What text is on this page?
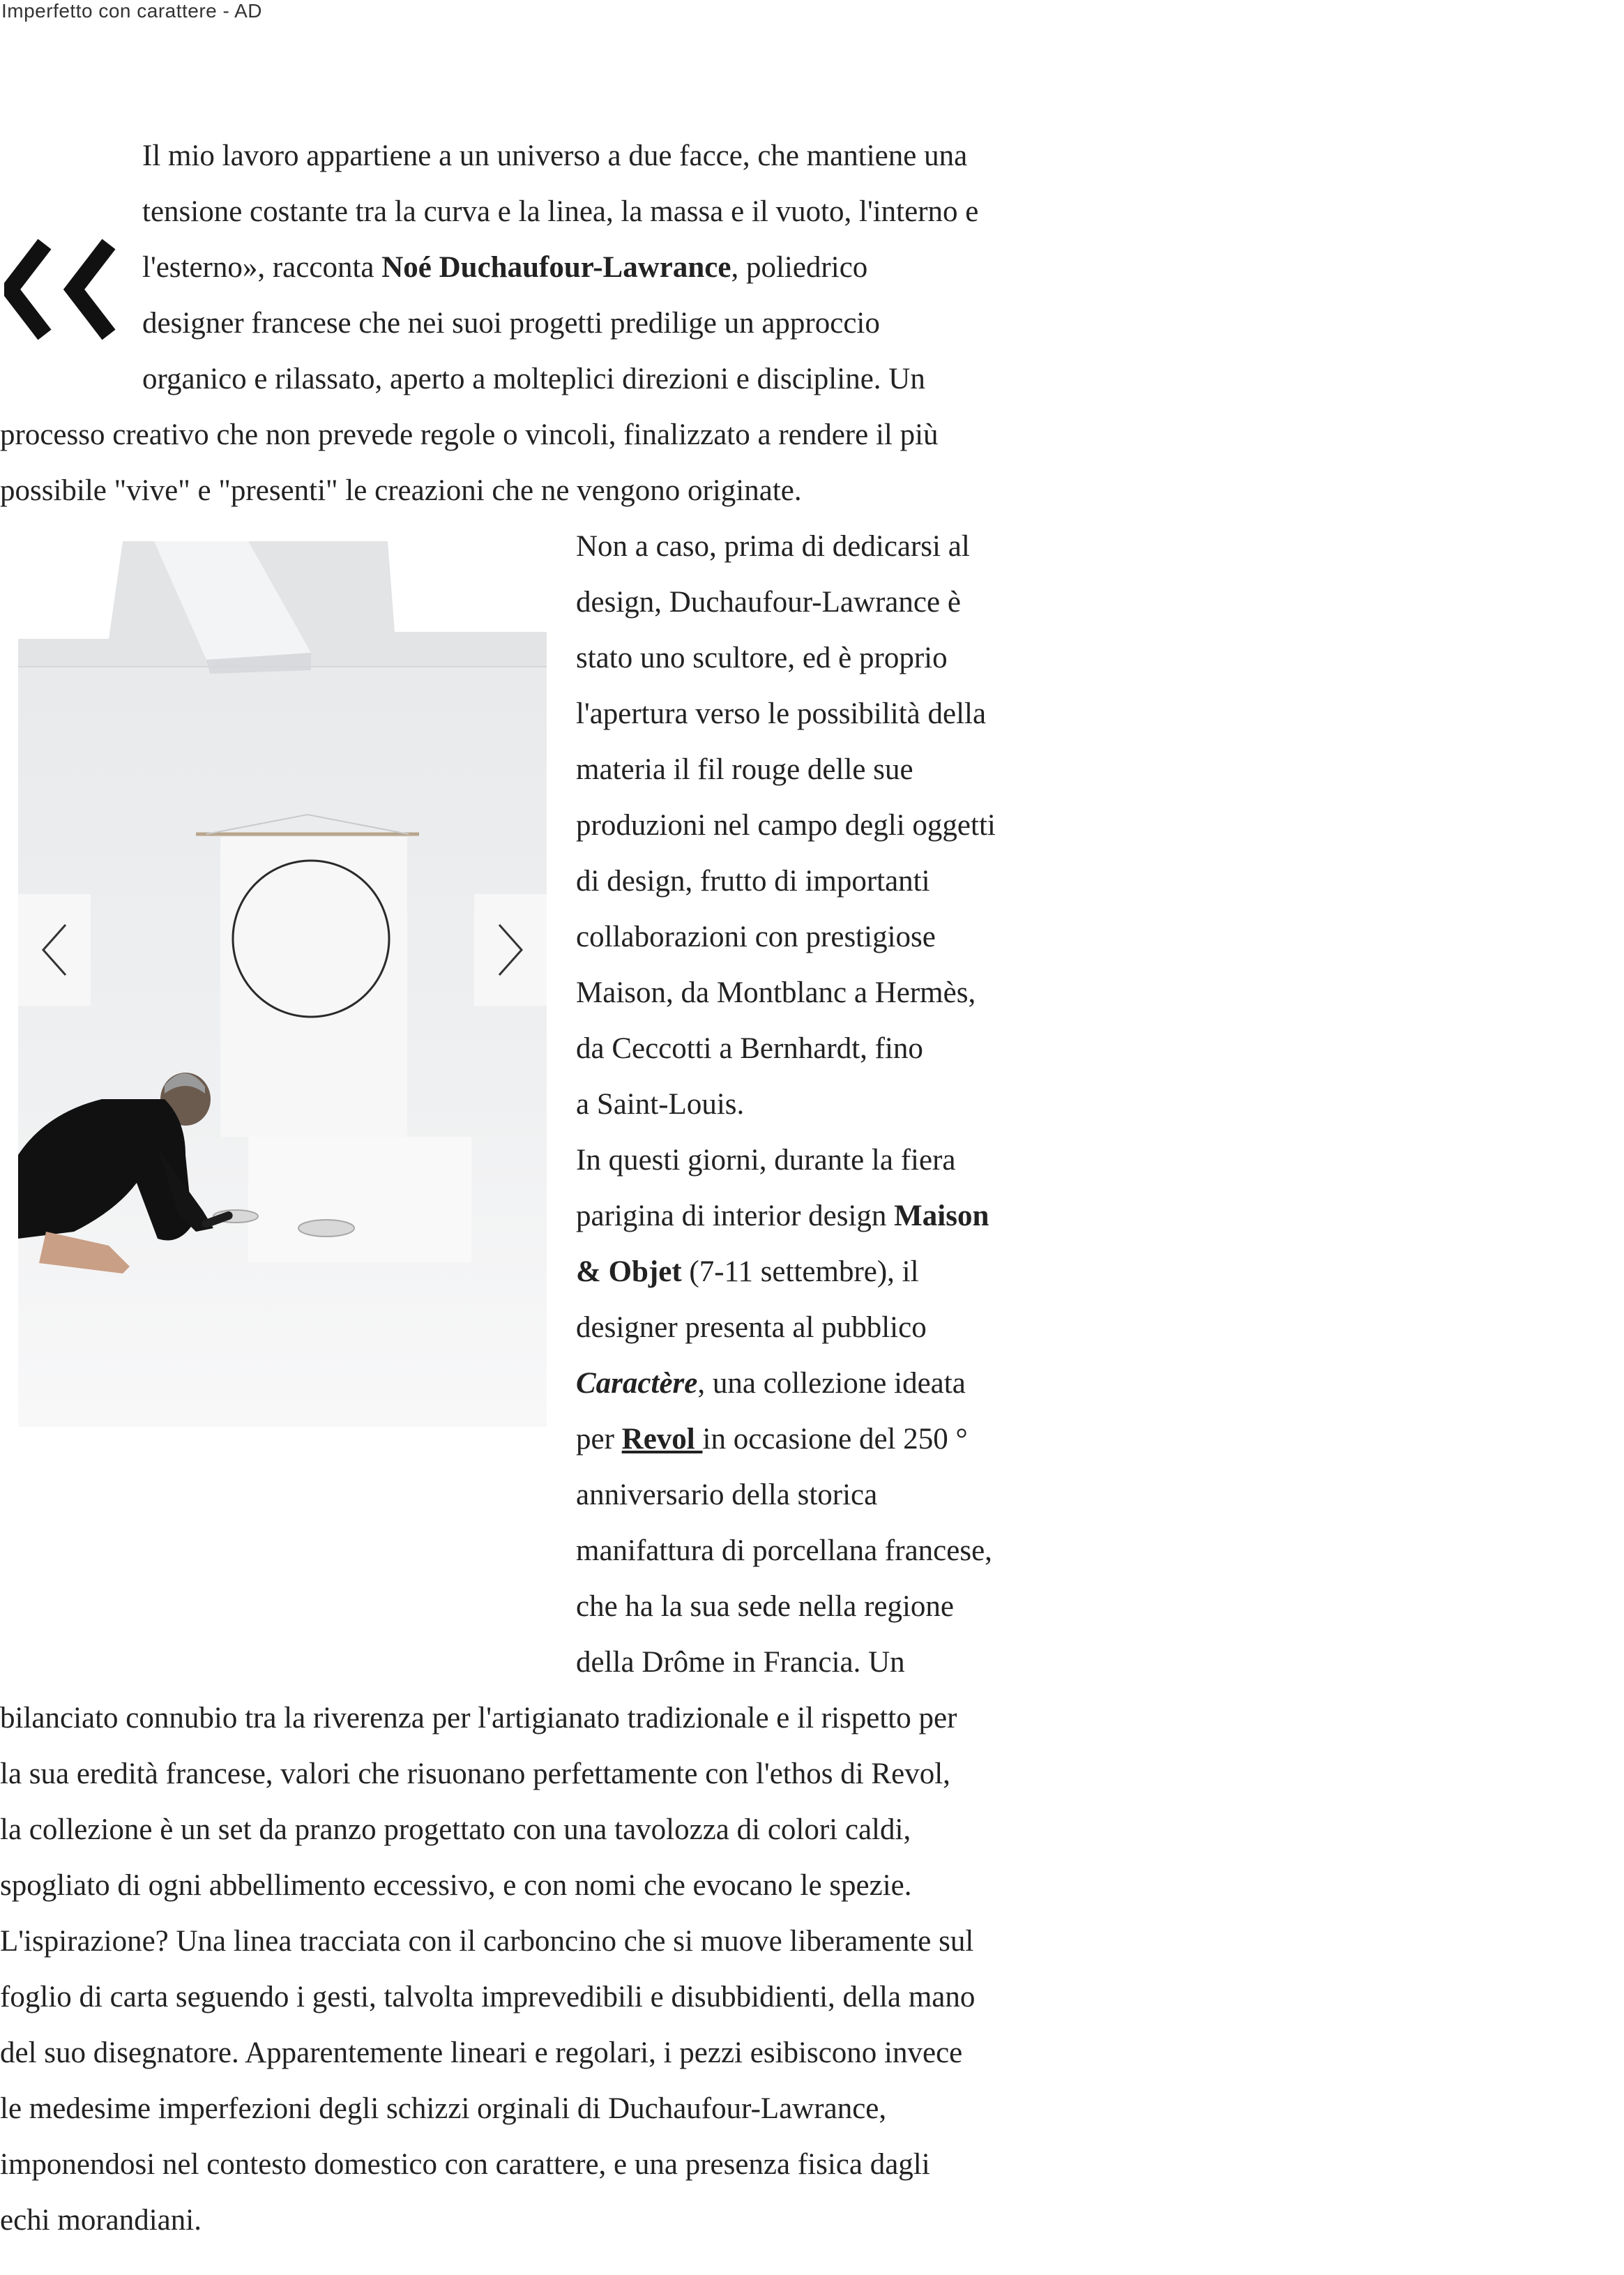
Imperfetto con carattere - AD
Il mio lavoro appartiene a un universo a due facce, che mantiene una
tensione costante tra la curva e la linea, la massa e il vuoto, l'interno e
l'esterno», racconta Noé Duchaufour-Lawrance, poliedrico
designer francese che nei suoi progetti predilige un approccio
organico e rilassato, aperto a molteplici direzioni e discipline. Un
processo creativo che non prevede regole o vincoli, finalizzato a rendere il più
possibile "vive" e "presenti" le creazioni che ne vengono originate.
Non a caso, prima di dedicarsi al
design, Duchaufour-Lawrance è
stato uno scultore, ed è proprio
l'apertura verso le possibilità della
materia il fil rouge delle sue
produzioni nel campo degli oggetti
di design, frutto di importanti
collaborazioni con prestigiose
Maison, da Montblanc a Hermès,
da Ceccotti a Bernhardt, fino
a Saint-Louis.
In questi giorni, durante la fiera
parigina di interior design Maison
& Objet (7-11 settembre), il
designer presenta al pubblico
Caractère, una collezione ideata
per Revol in occasione del 250 °
anniversario della storica
manifattura di porcellana francese,
che ha la sua sede nella regione
della Drôme in Francia. Un
bilanciato connubio tra la riverenza per l'artigianato tradizionale e il rispetto per
la sua eredità francese, valori che risuonano perfettamente con l'ethos di Revol,
la collezione è un set da pranzo progettato con una tavolozza di colori caldi,
spogliato di ogni abbellimento eccessivo, e con nomi che evocano le spezie.
L'ispirazione? Una linea tracciata con il carboncino che si muove liberamente sul
foglio di carta seguendo i gesti, talvolta imprevedibili e disubbidienti, della mano
del suo disegnatore. Apparentemente lineari e regolari, i pezzi esibiscono invece
le medesime imperfezioni degli schizzi orginali di Duchaufour-Lawrance,
imponendosi nel contesto domestico con carattere, e una presenza fisica dagli
echi morandiani.
